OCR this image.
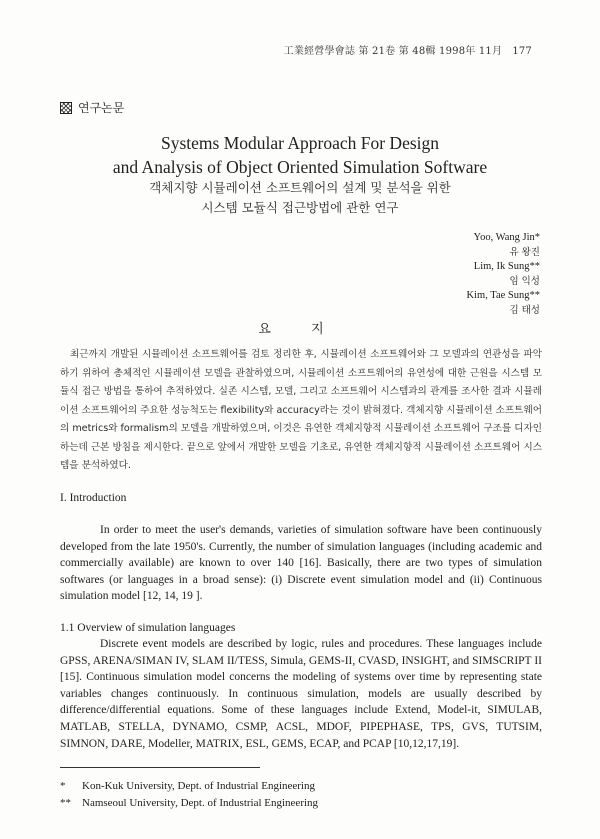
工業經營學會誌 第 21卷 第 48輯 1998年 11月 177
연구논문
Systems Modular Approach For Design
and Analysis of Object Oriented Simulation Software
객체지향 시뮬레이션 소프트웨어의 설계 및 분석을 위한
시스템 모듈식 접근방법에 관한 연구
Yoo, Wang Jin*
유 왕진
Lim, Ik Sung**
임 익성
Kim, Tae Sung**
김 태성
요 지
최근까지 개발된 시뮬레이션 소프트웨어를 검토 정리한 후, 시뮬레이션 소프트웨어와 그 모델과의 연관성을 파악하기 위하여 총체적인 시뮬레이션 모델을 관찰하였으며, 시뮬레이션 소프트웨어의 유연성에 대한 근원을 시스템 모듈식 접근 방법을 통하여 추적하였다. 실존 시스템, 모델, 그리고 소프트웨어 시스템과의 관계를 조사한 결과 시뮬레이션 소프트웨어의 주요한 성능척도는 flexibility와 accuracy라는 것이 밝혀졌다. 객체지향 시뮬레이션 소프트웨어의 metrics와 formalism의 모델을 개발하였으며, 이것은 유연한 객체지향적 시뮬레이션 소프트웨어 구조를 디자인하는데 근본 방침을 제시한다. 끝으로 앞에서 개발한 모델을 기초로, 유연한 객체지향적 시뮬레이션 소프트웨어 시스템을 분석하였다.
I. Introduction
In order to meet the user's demands, varieties of simulation software have been continuously developed from the late 1950's. Currently, the number of simulation languages (including academic and commercially available) are known to over 140 [16]. Basically, there are two types of simulation softwares (or languages in a broad sense): (i) Discrete event simulation model and (ii) Continuous simulation model [12, 14, 19 ].
1.1 Overview of simulation languages
Discrete event models are described by logic, rules and procedures. These languages include GPSS, ARENA/SIMAN IV, SLAM II/TESS, Simula, GEMS-II, CVASD, INSIGHT, and SIMSCRIPT II [15]. Continuous simulation model concerns the modeling of systems over time by representing state variables changes continuously. In continuous simulation, models are usually described by difference/differential equations. Some of these languages include Extend, Model-it, SIMULAB, MATLAB, STELLA, DYNAMO, CSMP, ACSL, MDOF, PIPEPHASE, TPS, GVS, TUTSIM, SIMNON, DARE, Modeller, MATRIX, ESL, GEMS, ECAP, and PCAP [10,12,17,19].
* Kon-Kuk University, Dept. of Industrial Engineering
** Namseoul University, Dept. of Industrial Engineering
